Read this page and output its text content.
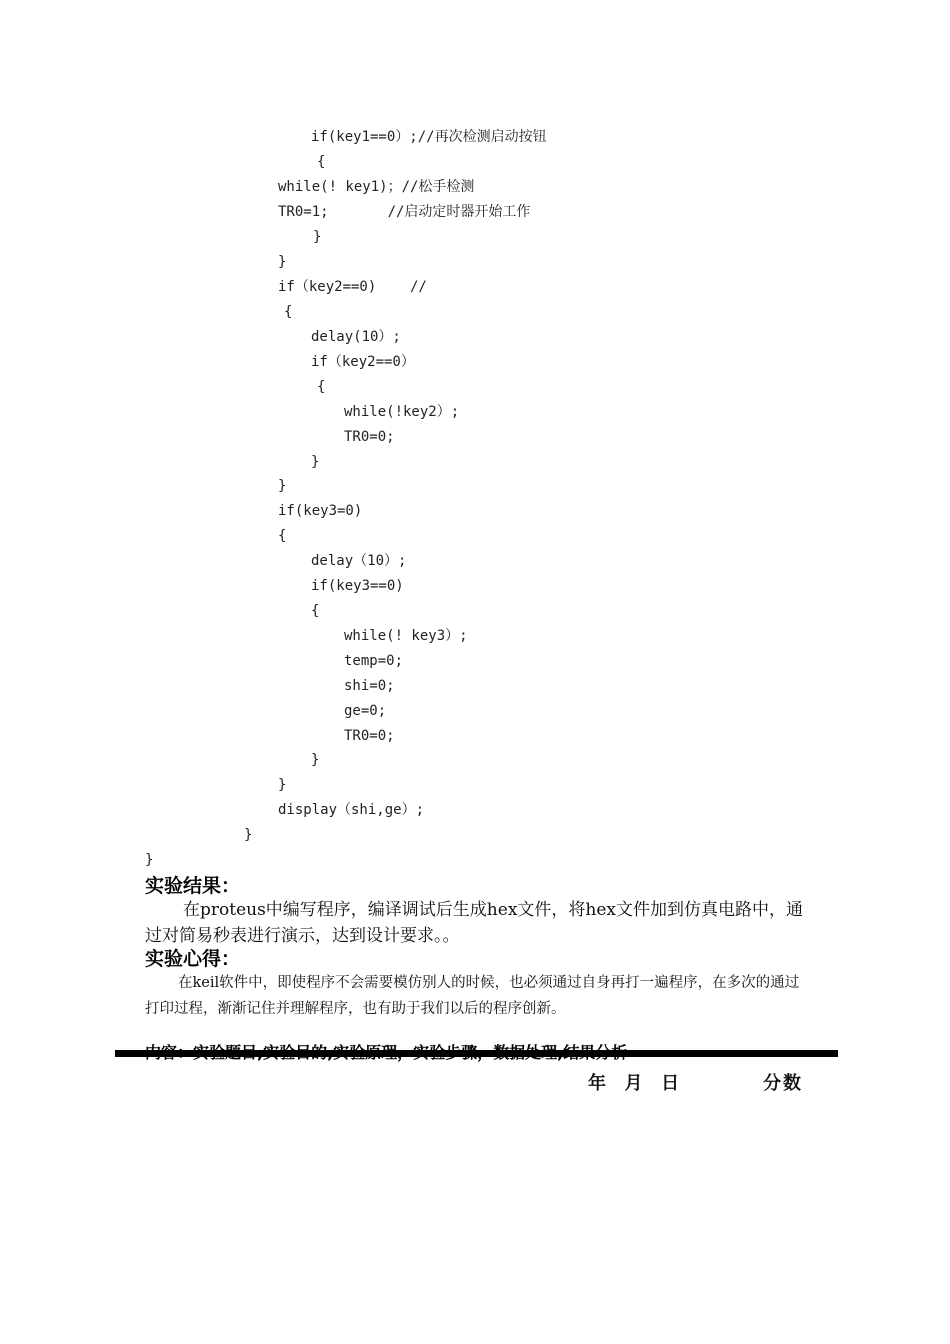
if(key1==0）;//再次检测启动按钮
{
while(! key1)；//松手检测
TR0=1;       //启动定时器开始工作
}
}
if（key2==0)    //
{
delay(10）;
if（key2==0）
{
while(!key2）;
TR0=0;
}
}
if(key3=0)
{
delay（10）;
if(key3==0)
{
while(! key3）;
temp=0;
shi=0;
ge=0;
TR0=0;
}
}
display（shi,ge）;
}
}
实验结果：
在proteus中编写程序，编译调试后生成hex文件，将hex文件加到仿真电路中，通过对简易秒表进行演示，达到设计要求。。
实验心得：
在keil软件中，即使程序不会需要模仿别人的时候，也必须通过自身再打一遍程序，在多次的通过打印过程，渐渐记住并理解程序，也有助于我们以后的程序创新。
年  月  日	分数
